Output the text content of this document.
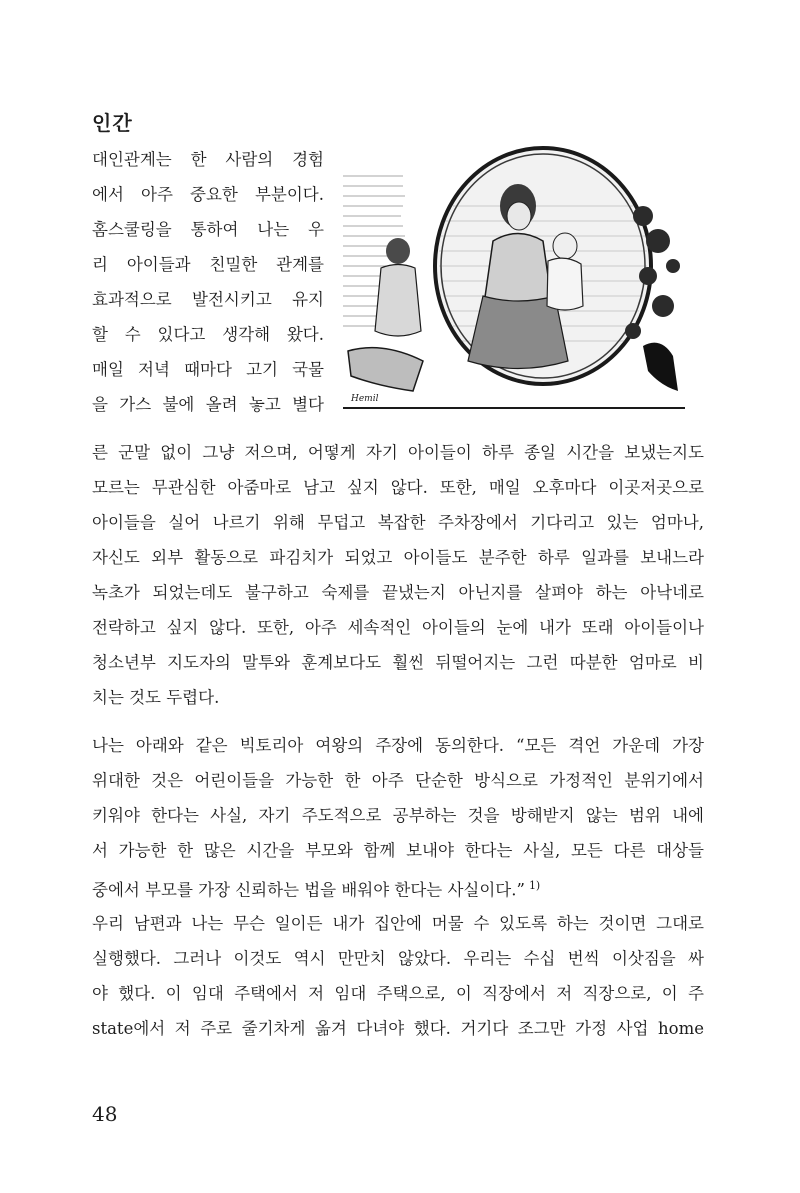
인간

대인관계는 한 사람의 경험

에서 아주 중요한 부분이다.

홈스쿨링을 통하여 나는 우

리 아이들과 친밀한 관계를

효과적으로 발전시키고 유지

할 수 있다고 생각해 왔다.

매일 저녁 때마다 고기 국물

을 가스 불에 올려 놓고 별다	Hemil

른 군말 없이 그냥 저으며, 어떻게 자기 아이들이 하루 종일 시간을 보냈는지도

모르는 무관심한 아줌마로 남고 싶지 않다. 또한, 매일 오후마다 이곳저곳으로

아이들을 실어 나르기 위해 무덥고 복잡한 주차장에서 기다리고 있는 엄마나,

자신도 외부 활동으로 파김치가 되었고 아이들도 분주한 하루 일과를 보내느라

녹초가 되었는데도 불구하고 숙제를 끝냈는지 아닌지를 살펴야 하는 아낙네로

전락하고 싶지 않다. 또한, 아주 세속적인 아이들의 눈에 내가 또래 아이들이나

청소년부 지도자의 말투와 훈계보다도 훨씬 뒤떨어지는 그런 따분한 엄마로 비

치는 것도 두렵다.

나는 아래와 같은 빅토리아 여왕의 주장에 동의한다. “모든 격언 가운데 가장

위대한 것은 어린이들을 가능한 한 아주 단순한 방식으로 가정적인 분위기에서

키워야 한다는 사실, 자기 주도적으로 공부하는 것을 방해받지 않는 범위 내에

서 가능한 한 많은 시간을 부모와 함께 보내야 한다는 사실, 모든 다른 대상들

중에서 부모를 가장 신뢰하는 법을 배워야 한다는 사실이다.” $^{1)}$

우리 남편과 나는 무슨 일이든 내가 집안에 머물 수 있도록 하는 것이면 그대로

실행했다. 그러나 이것도 역시 만만치 않았다. 우리는 수십 번씩 이삿짐을 싸

야 했다. 이 임대 주택에서 저 임대 주택으로, 이 직장에서 저 직장으로, 이 주

state에서 저 주로 줄기차게 옮겨 다녀야 했다. 거기다 조그만 가정 사업 home

48
